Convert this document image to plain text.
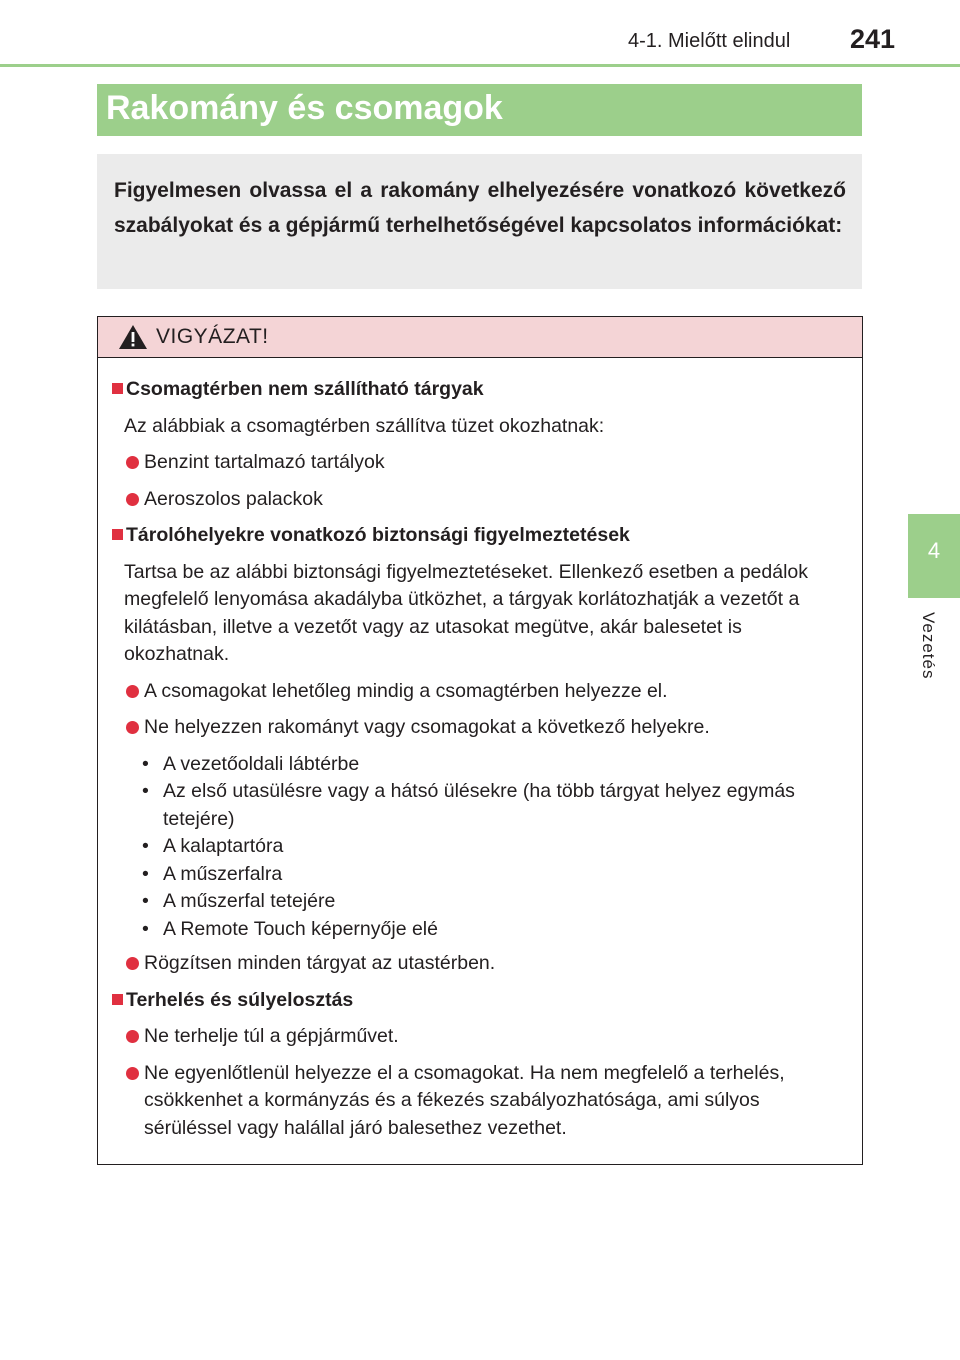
4-1. Mielőtt elindul 241
4
Vezetés
Rakomány és csomagok
Figyelmesen olvassa el a rakomány elhelyezésére vonatkozó következő szabályokat és a gépjármű terhelhetőségével kapcsolatos információkat:
VIGYÁZAT!
Csomagtérben nem szállítható tárgyak
Az alábbiak a csomagtérben szállítva tüzet okozhatnak:
Benzint tartalmazó tartályok
Aeroszolos palackok
Tárolóhelyekre vonatkozó biztonsági figyelmeztetések
Tartsa be az alábbi biztonsági figyelmeztetéseket. Ellenkező esetben a pedálok megfelelő lenyomása akadályba ütközhet, a tárgyak korlátozhatják a vezetőt a kilátásban, illetve a vezetőt vagy az utasokat megütve, akár balesetet is okozhatnak.
A csomagokat lehetőleg mindig a csomagtérben helyezze el.
Ne helyezzen rakományt vagy csomagokat a következő helyekre.
• A vezetőoldali lábtérbe
• Az első utasülésre vagy a hátsó ülésekre (ha több tárgyat helyez egymás tetejére)
• A kalaptartóra
• A műszerfalra
• A műszerfal tetejére
• A Remote Touch képernyője elé
Rögzítsen minden tárgyat az utastérben.
Terhelés és súlyelosztás
Ne terhelje túl a gépjárművet.
Ne egyenlőtlenül helyezze el a csomagokat. Ha nem megfelelő a terhelés, csökkenhet a kormányzás és a fékezés szabályozhatósága, ami súlyos sérüléssel vagy halállal járó balesethez vezethet.
